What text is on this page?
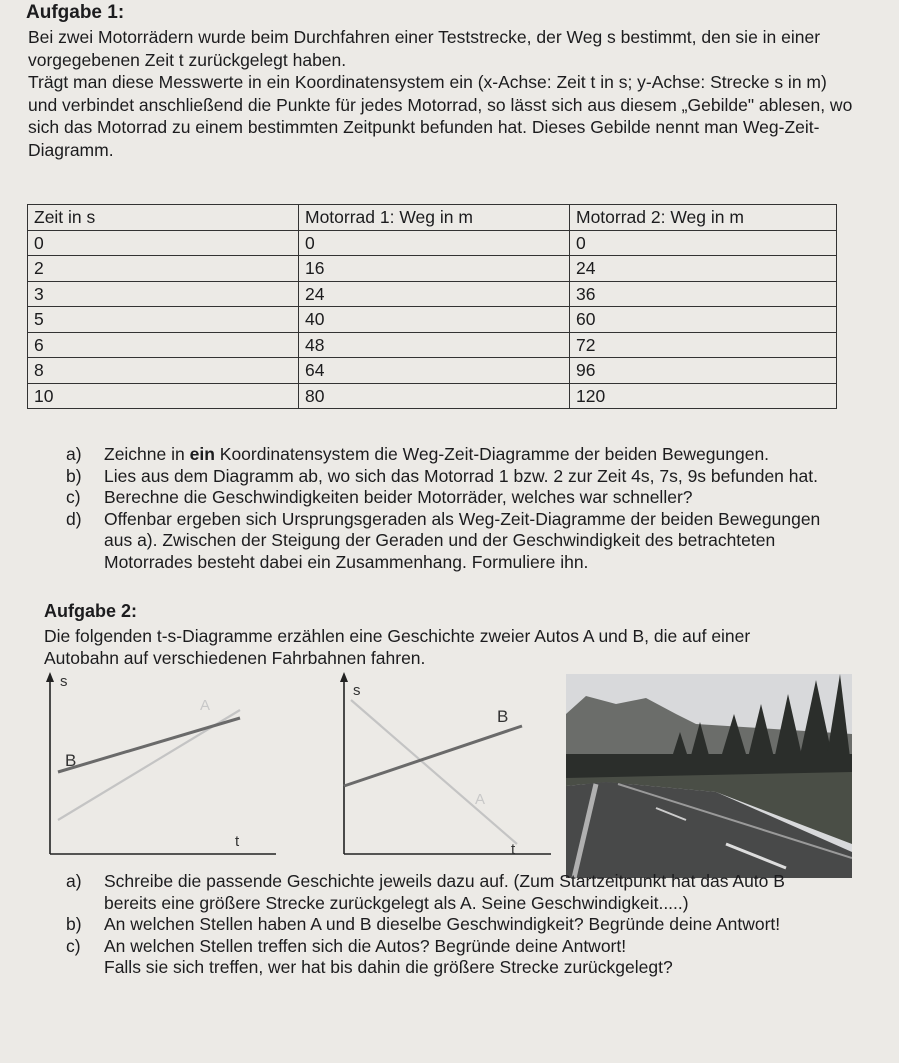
Aufgabe 1:

Bei zwei Motorrädern wurde beim Durchfahren einer Teststrecke, der Weg s bestimmt, den sie in einer vorgegebenen Zeit t zurückgelegt haben.

Trägt man diese Messwerte in ein Koordinatensystem ein (x-Achse: Zeit t in s; y-Achse: Strecke s in m) und verbindet anschließend die Punkte für jedes Motorrad, so lässt sich aus diesem „Gebilde" ablesen, wo sich das Motorrad zu einem bestimmten Zeitpunkt befunden hat. Dieses Gebilde nennt man Weg-Zeit-Diagramm.

Zeit in s	Motorrad 1: Weg in m	Motorrad 2: Weg in m
0	0	0
2	16	24
3	24	36
5	40	60
6	48	72
8	64	96
10	80	120
a) Zeichne in ein Koordinatensystem die Weg-Zeit-Diagramme der beiden Bewegungen.
b) Lies aus dem Diagramm ab, wo sich das Motorrad 1 bzw. 2 zur Zeit 4s, 7s, 9s befunden hat.
c) Berechne die Geschwindigkeiten beider Motorräder, welches war schneller?
d) Offenbar ergeben sich Ursprungsgeraden als Weg-Zeit-Diagramme der beiden Bewegungen aus a). Zwischen der Steigung der Geraden und der Geschwindigkeit des betrachteten Motorrades besteht dabei ein Zusammenhang. Formuliere ihn.
Aufgabe 2:

Die folgenden t-s-Diagramme erzählen eine Geschichte zweier Autos A und B, die auf einer Autobahn auf verschiedenen Fahrbahnen fahren.

s
t
A
B
s
t
A
B
a) Schreibe die passende Geschichte jeweils dazu auf. (Zum Startzeitpunkt hat das Auto B bereits eine größere Strecke zurückgelegt als A. Seine Geschwindigkeit.....)
b) An welchen Stellen haben A und B dieselbe Geschwindigkeit? Begründe deine Antwort!
c) An welchen Stellen treffen sich die Autos? Begründe deine Antwort!
Falls sie sich treffen, wer hat bis dahin die größere Strecke zurückgelegt?
